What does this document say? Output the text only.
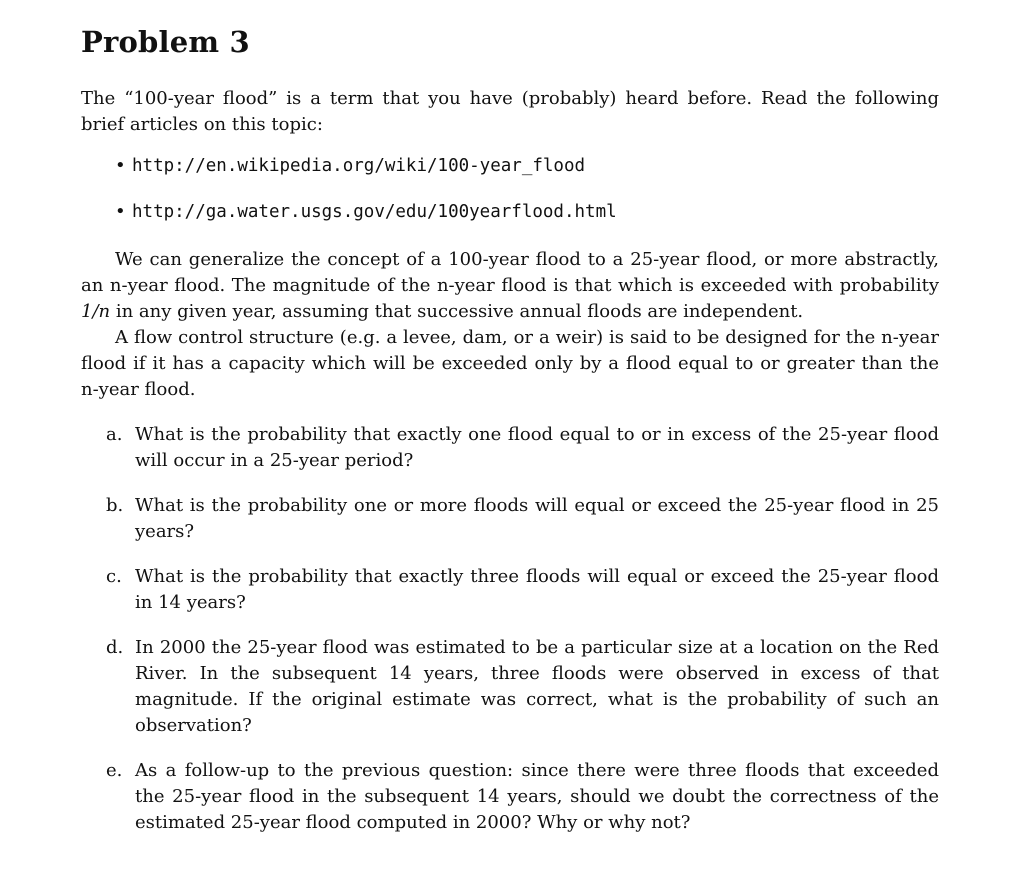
Problem 3

The “100-year flood” is a term that you have (probably) heard before. Read the following brief articles on this topic:

• http://en.wikipedia.org/wiki/100-year_flood
• http://ga.water.usgs.gov/edu/100yearflood.html

We can generalize the concept of a 100-year flood to a 25-year flood, or more abstractly, an n-year flood. The magnitude of the n-year flood is that which is exceeded with probability 1/n in any given year, assuming that successive annual floods are independent.

A flow control structure (e.g. a levee, dam, or a weir) is said to be designed for the n-year flood if it has a capacity which will be exceeded only by a flood equal to or greater than the n-year flood.

a. What is the probability that exactly one flood equal to or in excess of the 25-year flood will occur in a 25-year period?
b. What is the probability one or more floods will equal or exceed the 25-year flood in 25 years?
c. What is the probability that exactly three floods will equal or exceed the 25-year flood in 14 years?
d. In 2000 the 25-year flood was estimated to be a particular size at a location on the Red River. In the subsequent 14 years, three floods were observed in excess of that magnitude. If the original estimate was correct, what is the probability of such an observation?
e. As a follow-up to the previous question: since there were three floods that exceeded the 25-year flood in the subsequent 14 years, should we doubt the correctness of the estimated 25-year flood computed in 2000? Why or why not?
